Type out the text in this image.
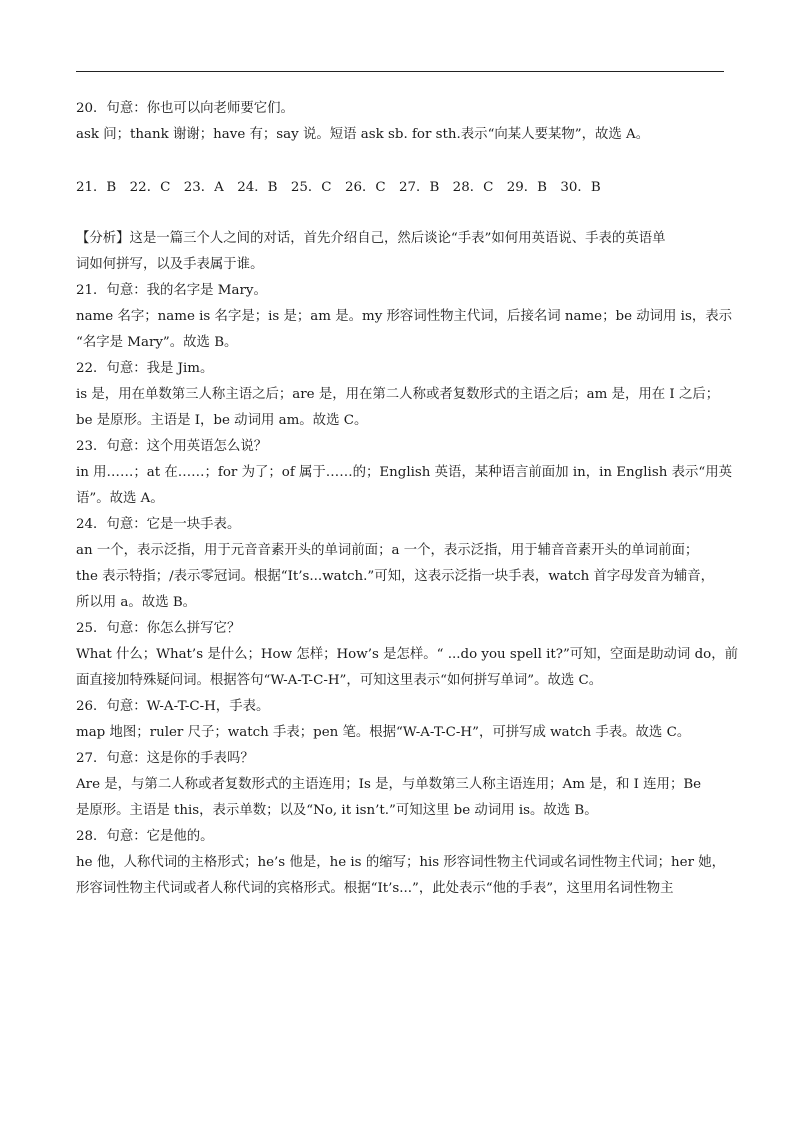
20．句意：你也可以向老师要它们。
ask 问；thank 谢谢；have 有；say 说。短语 ask sb. for sth.表示“向某人要某物”，故选 A。
21．B　22．C　23．A　24．B　25．C　26．C　27．B　28．C　29．B　30．B
【分析】这是一篇三个人之间的对话，首先介绍自己，然后谈论“手表”如何用英语说、手表的英语单
词如何拼写，以及手表属于谁。
21．句意：我的名字是 Mary。
name 名字；name is 名字是；is 是；am 是。my 形容词性物主代词，后接名词 name；be 动词用 is，表示
“名字是 Mary”。故选 B。
22．句意：我是 Jim。
is 是，用在单数第三人称主语之后；are 是，用在第二人称或者复数形式的主语之后；am 是，用在 I 之后；
be 是原形。主语是 I，be 动词用 am。故选 C。
23．句意：这个用英语怎么说？
in 用……；at 在……；for 为了；of 属于……的；English 英语，某种语言前面加 in，in English 表示“用英
语”。故选 A。
24．句意：它是一块手表。
an 一个，表示泛指，用于元音音素开头的单词前面；a 一个，表示泛指，用于辅音音素开头的单词前面；
the 表示特指；/表示零冠词。根据“It’s...watch.”可知，这表示泛指一块手表，watch 首字母发音为辅音，
所以用 a。故选 B。
25．句意：你怎么拼写它？
What 什么；What’s 是什么；How 怎样；How’s 是怎样。“ ...do you spell it?”可知，空面是助动词 do，前
面直接加特殊疑问词。根据答句“W-A-T-C-H”，可知这里表示“如何拼写单词”。故选 C。
26．句意：W-A-T-C-H，手表。
map 地图；ruler 尺子；watch 手表；pen 笔。根据“W-A-T-C-H”，可拼写成 watch 手表。故选 C。
27．句意：这是你的手表吗？
Are 是，与第二人称或者复数形式的主语连用；Is 是，与单数第三人称主语连用；Am 是，和 I 连用；Be
是原形。主语是 this，表示单数；以及“No, it isn’t.”可知这里 be 动词用 is。故选 B。
28．句意：它是他的。
he 他，人称代词的主格形式；he’s 他是，he is 的缩写；his 形容词性物主代词或名词性物主代词；her 她，
形容词性物主代词或者人称代词的宾格形式。根据“It’s...”，此处表示“他的手表”，这里用名词性物主
